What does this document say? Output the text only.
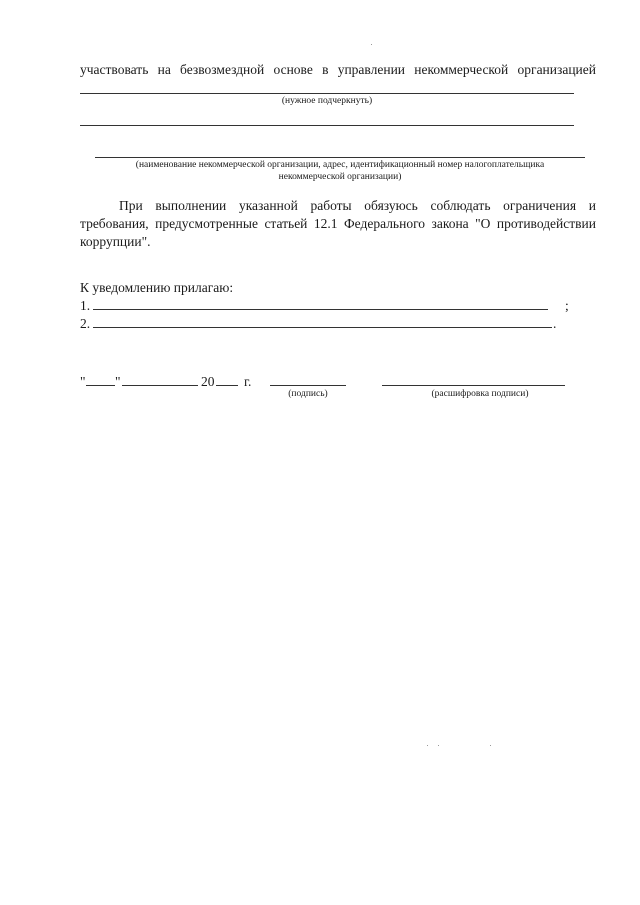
участвовать на безвозмездной основе в управлении некоммерческой организацией
(нужное подчеркнуть)
(наименование некоммерческой организации, адрес, идентификационный номер налогоплательщика
некоммерческой организации)
При выполнении указанной работы обязуюсь соблюдать ограничения и
требования, предусмотренные статьей 12.1 Федерального закона "О противодействии
коррупции".
К уведомлению прилагаю:
1.	;
2.	.
" "	20 г.
(подпись)	(расшифровка подписи)
